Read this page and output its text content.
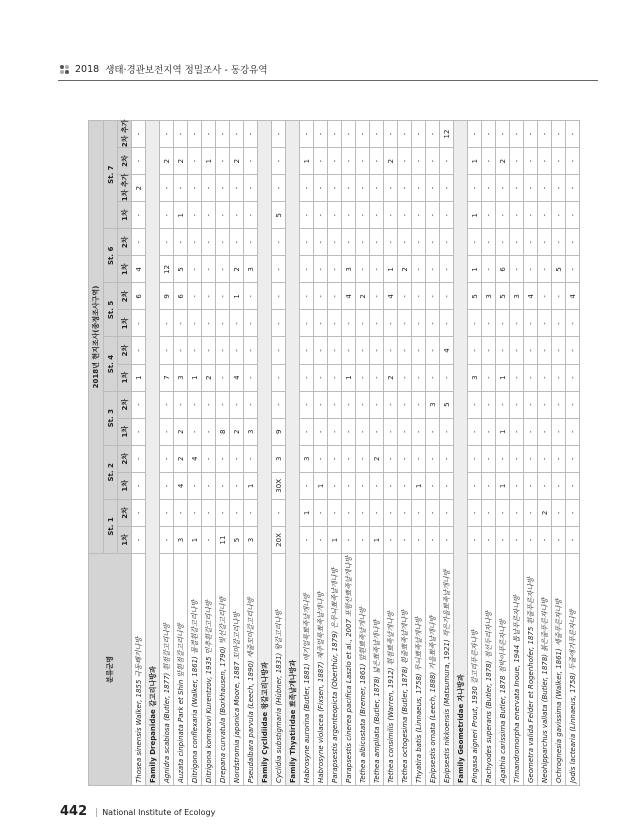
2018 생태·경관보전지역 정밀조사 - 동강유역
분류군명	2018년 현지조사(종정조사구역)															
	St. 1		St. 2		St. 3		St. 4		St. 5		St. 6		St. 7			
	1차	2차	1차	2차	1차	2차	1차	2차	1차	2차	1차	2차	1차	1차 추가	2차	2차 추가
Thosea sinensis Walker, 1855 극동쐐기나방	-	-	-	-	-	-	1	-	-	6	4	-	-	2	-	-
Family Drepanidae 갈고리나방과																
Agnidra scabiosa (Butler, 1877) 흰점갈고리나방	-	-	-	-	-	-	7	-	-	9	12	-	-	-	2	-
Auzata cinpinata Park et Shin 앞흰점갈고리나방	3	-	4	2	2	-	3	-	-	6	5	-	1	-	2	-
Ditrigona conflexaria (Walker, 1861) 물결흰갈고리나방	1	-	-	4	-	-	1	-	-	-	-	-	-	-	-	-
Ditrigona komarovi Kurentzov, 1935 민추흰갈고리나방	-	-	-	-	-	-	2	-	-	-	-	-	-	-	1	-
Drepana curvatula (Borkhausen, 1790) 빗선갈고리나방	11	-	-	-	8	-	-	-	-	-	-	-	-	-	-	-
Nordstromia japonica Moore, 1887 꼬마갈고리나방	5	-	-	-	2	-	4	-	-	1	2	-	-	-	2	-
Pseudalbara parvula (Leech, 1890) 세줄꼬마갈고리나방	3	-	1	-	3	-	-	-	-	-	3	-	-	-	-	-
Family Cyclidiidae 왕갈고리나방과																
Cyclidia substigmaria (Hübner, 1831) 왕갈고리나방	20X	-	30X	3	9	-	-	-	-	-	-	-	5	-	-	-
Family Thyatiridae 뾰족날개나방과																
Habrosyne aurorina (Butler, 1881) 애기얼룩뾰족날개나방	-	1	-	3	-	-	-	-	-	-	-	-	-	-	1	-
Habrosyne violacea (Fixsen, 1887) 제주얼룩뾰족날개나방	-	-	1	-	-	-	-	-	-	-	-	-	-	-	-	-
Parapsestis argenteopicta (Oberthür, 1879) 은무늬뾰족날개나방	1	-	-	-	-	-	-	-	-	-	-	-	-	-	-	-
Parapsestis cinerea pacifica Laszlo et al., 2007 포함산뾰족날개나방	-	-	-	-	-	-	1	-	-	4	3	-	-	-	-	-
Tethea albicostata (Bremer, 1861) 앞흰뾰족날개나방	-	-	-	-	-	-	-	-	-	2	-	-	-	-	-	-
Tethea ampliata (Butler, 1878) 넓은뾰족날개나방	1	-	-	2	-	-	-	-	-	-	-	-	-	-	-	-
Tethea consimilis (Warren, 1912) 흰점뾰족날개나방	-	-	-	-	-	-	2	-	-	4	1	-	-	-	2	-
Tethea octogesima (Butler, 1878) 흰줄뾰족날개나방	-	-	-	-	-	-	-	-	-	-	2	-	-	-	-	-
Thyatira batis (Linnaeus, 1758) 무늬뾰족날개나방	-	-	1	-	-	-	-	-	-	-	-	-	-	-	-	-
Epipsestis ornata (Leech, 1888) 가을뾰족날개나방	-	-	-	-	-	3	-	-	-	-	-	-	-	-	-	-
Epipsestis nikkoensis (Matsumura, 1921) 작은가을뾰족날개나방	-	-	-	-	-	5	-	4	-	-	-	-	-	-	-	12
Family Geometridae 자나방과																
Pingasa aigneri Prout, 1930 갈고리푸른자나방	-	-	-	-	-	-	3	-	-	5	1	-	1	-	1	-
Pachyodes superans (Butler, 1878) 점선두리자나방	-	-	-	-	-	-	-	-	-	3	-	-	-	-	-	-
Agathia carissima Butler, 1878 점박이푸른자나방	-	-	1	-	1	-	1	-	-	5	6	-	-	-	2	-
Timandromorpha enervata Inoue, 1944 톱날푸른자나방	-	-	-	-	-	-	-	-	-	3	-	-	-	-	-	-
Geometra valida Felder et Rogenhofer, 1875 흰줄푸른자나방	-	-	-	-	-	-	-	-	-	4	-	-	-	-	-	-
Neohipparchus vallata (Butler, 1878) 붉은줄푸른자나방	-	2	-	-	-	-	-	-	-	-	-	-	-	-	-	-
Ochrognesia gavissima (Walker, 1861) 세줄푸른자나방	-	-	-	-	-	-	-	-	-	-	5	-	-	-	-	-
Jodis lactearia (Linnaeus, 1758) 두줄애기푸른자나방	-	-	-	-	-	-	-	-	-	4	-	-	-	-	-	-
442 | National Institute of Ecology
